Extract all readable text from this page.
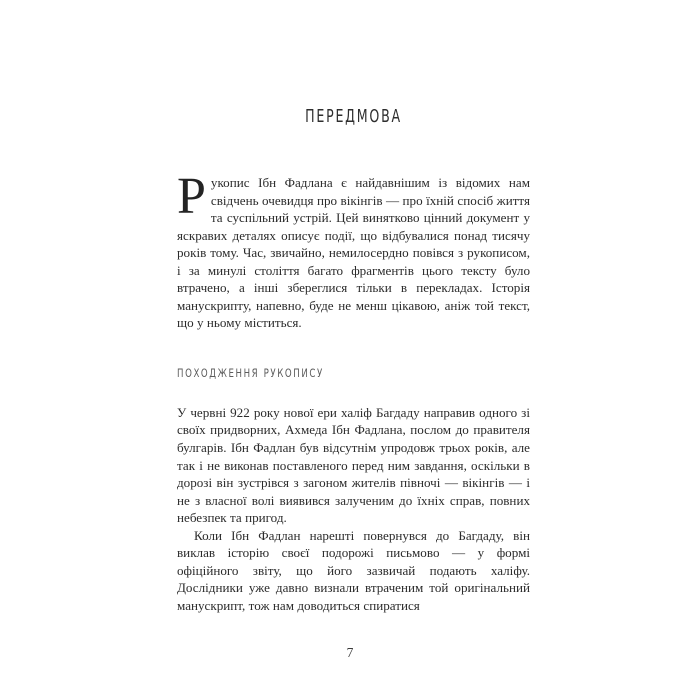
ПЕРЕДМОВА

Рукопис Ібн Фадлана є найдавнішим із відомих нам свідчень очевидця про вікінгів — про їхній спосіб життя та суспільний устрій. Цей винятково цінний документ у яскравих деталях описує події, що відбувалися понад тисячу років тому. Час, звичайно, немилосердно повівся з рукописом, і за минулі століття багато фрагментів цього тексту було втрачено, а інші збереглися тільки в перекладах. Історія манускрипту, напевно, буде не менш цікавою, аніж той текст, що у ньому міститься.

ПОХОДЖЕННЯ РУКОПИСУ

У червні 922 року нової ери халіф Багдаду направив одного зі своїх придворних, Ахмеда Ібн Фадлана, послом до правителя булгарів. Ібн Фадлан був відсутнім упродовж трьох років, але так і не виконав поставленого перед ним завдання, оскільки в дорозі він зустрівся з загоном жителів півночі — вікінгів — і не з власної волі виявився залученим до їхніх справ, повних небезпек та пригод.

Коли Ібн Фадлан нарешті повернувся до Багдаду, він виклав історію своєї подорожі письмово — у формі офіційного звіту, що його зазвичай подають халіфу. Дослідники уже давно визнали втраченим той оригінальний манускрипт, тож нам доводиться спиратися

7
